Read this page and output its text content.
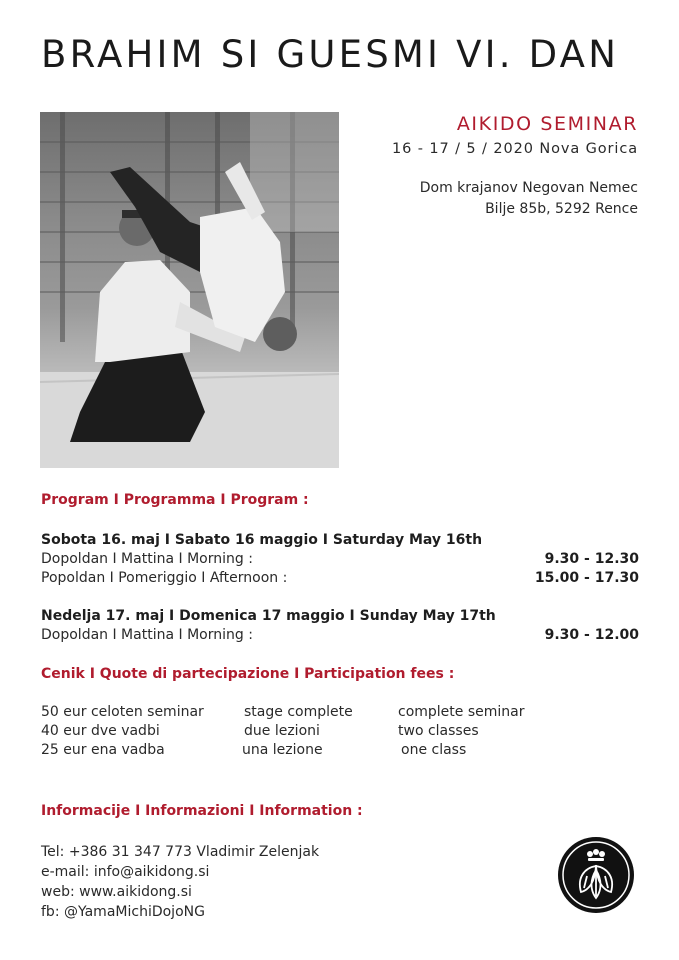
BRAHIM SI GUESMI VI. DAN
AIKIDO SEMINAR
16 - 17 / 5 / 2020 Nova Gorica
Dom krajanov Negovan Nemec
Bilje 85b, 5292 Rence
Program I Programma I Program :
Sobota 16. maj I Sabato 16 maggio I Saturday May 16th
Dopoldan I Mattina I Morning :	9.30 - 12.30
Popoldan I Pomeriggio I Afternoon :	15.00 - 17.30
Nedelja 17. maj I Domenica 17 maggio I Sunday May 17th
Dopoldan I Mattina I Morning :	9.30 - 12.00
Cenik I Quote di partecipazione I Participation fees :
50 eur celoten seminar	stage complete	complete seminar
40 eur dve vadbi	due lezioni	two classes
25 eur ena vadba	una lezione	one class
Informacije I Informazioni I Information :
Tel: +386 31 347 773 Vladimir Zelenjak
e-mail: info@aikidong.si
web: www.aikidong.si
fb: @YamaMichiDojoNG
